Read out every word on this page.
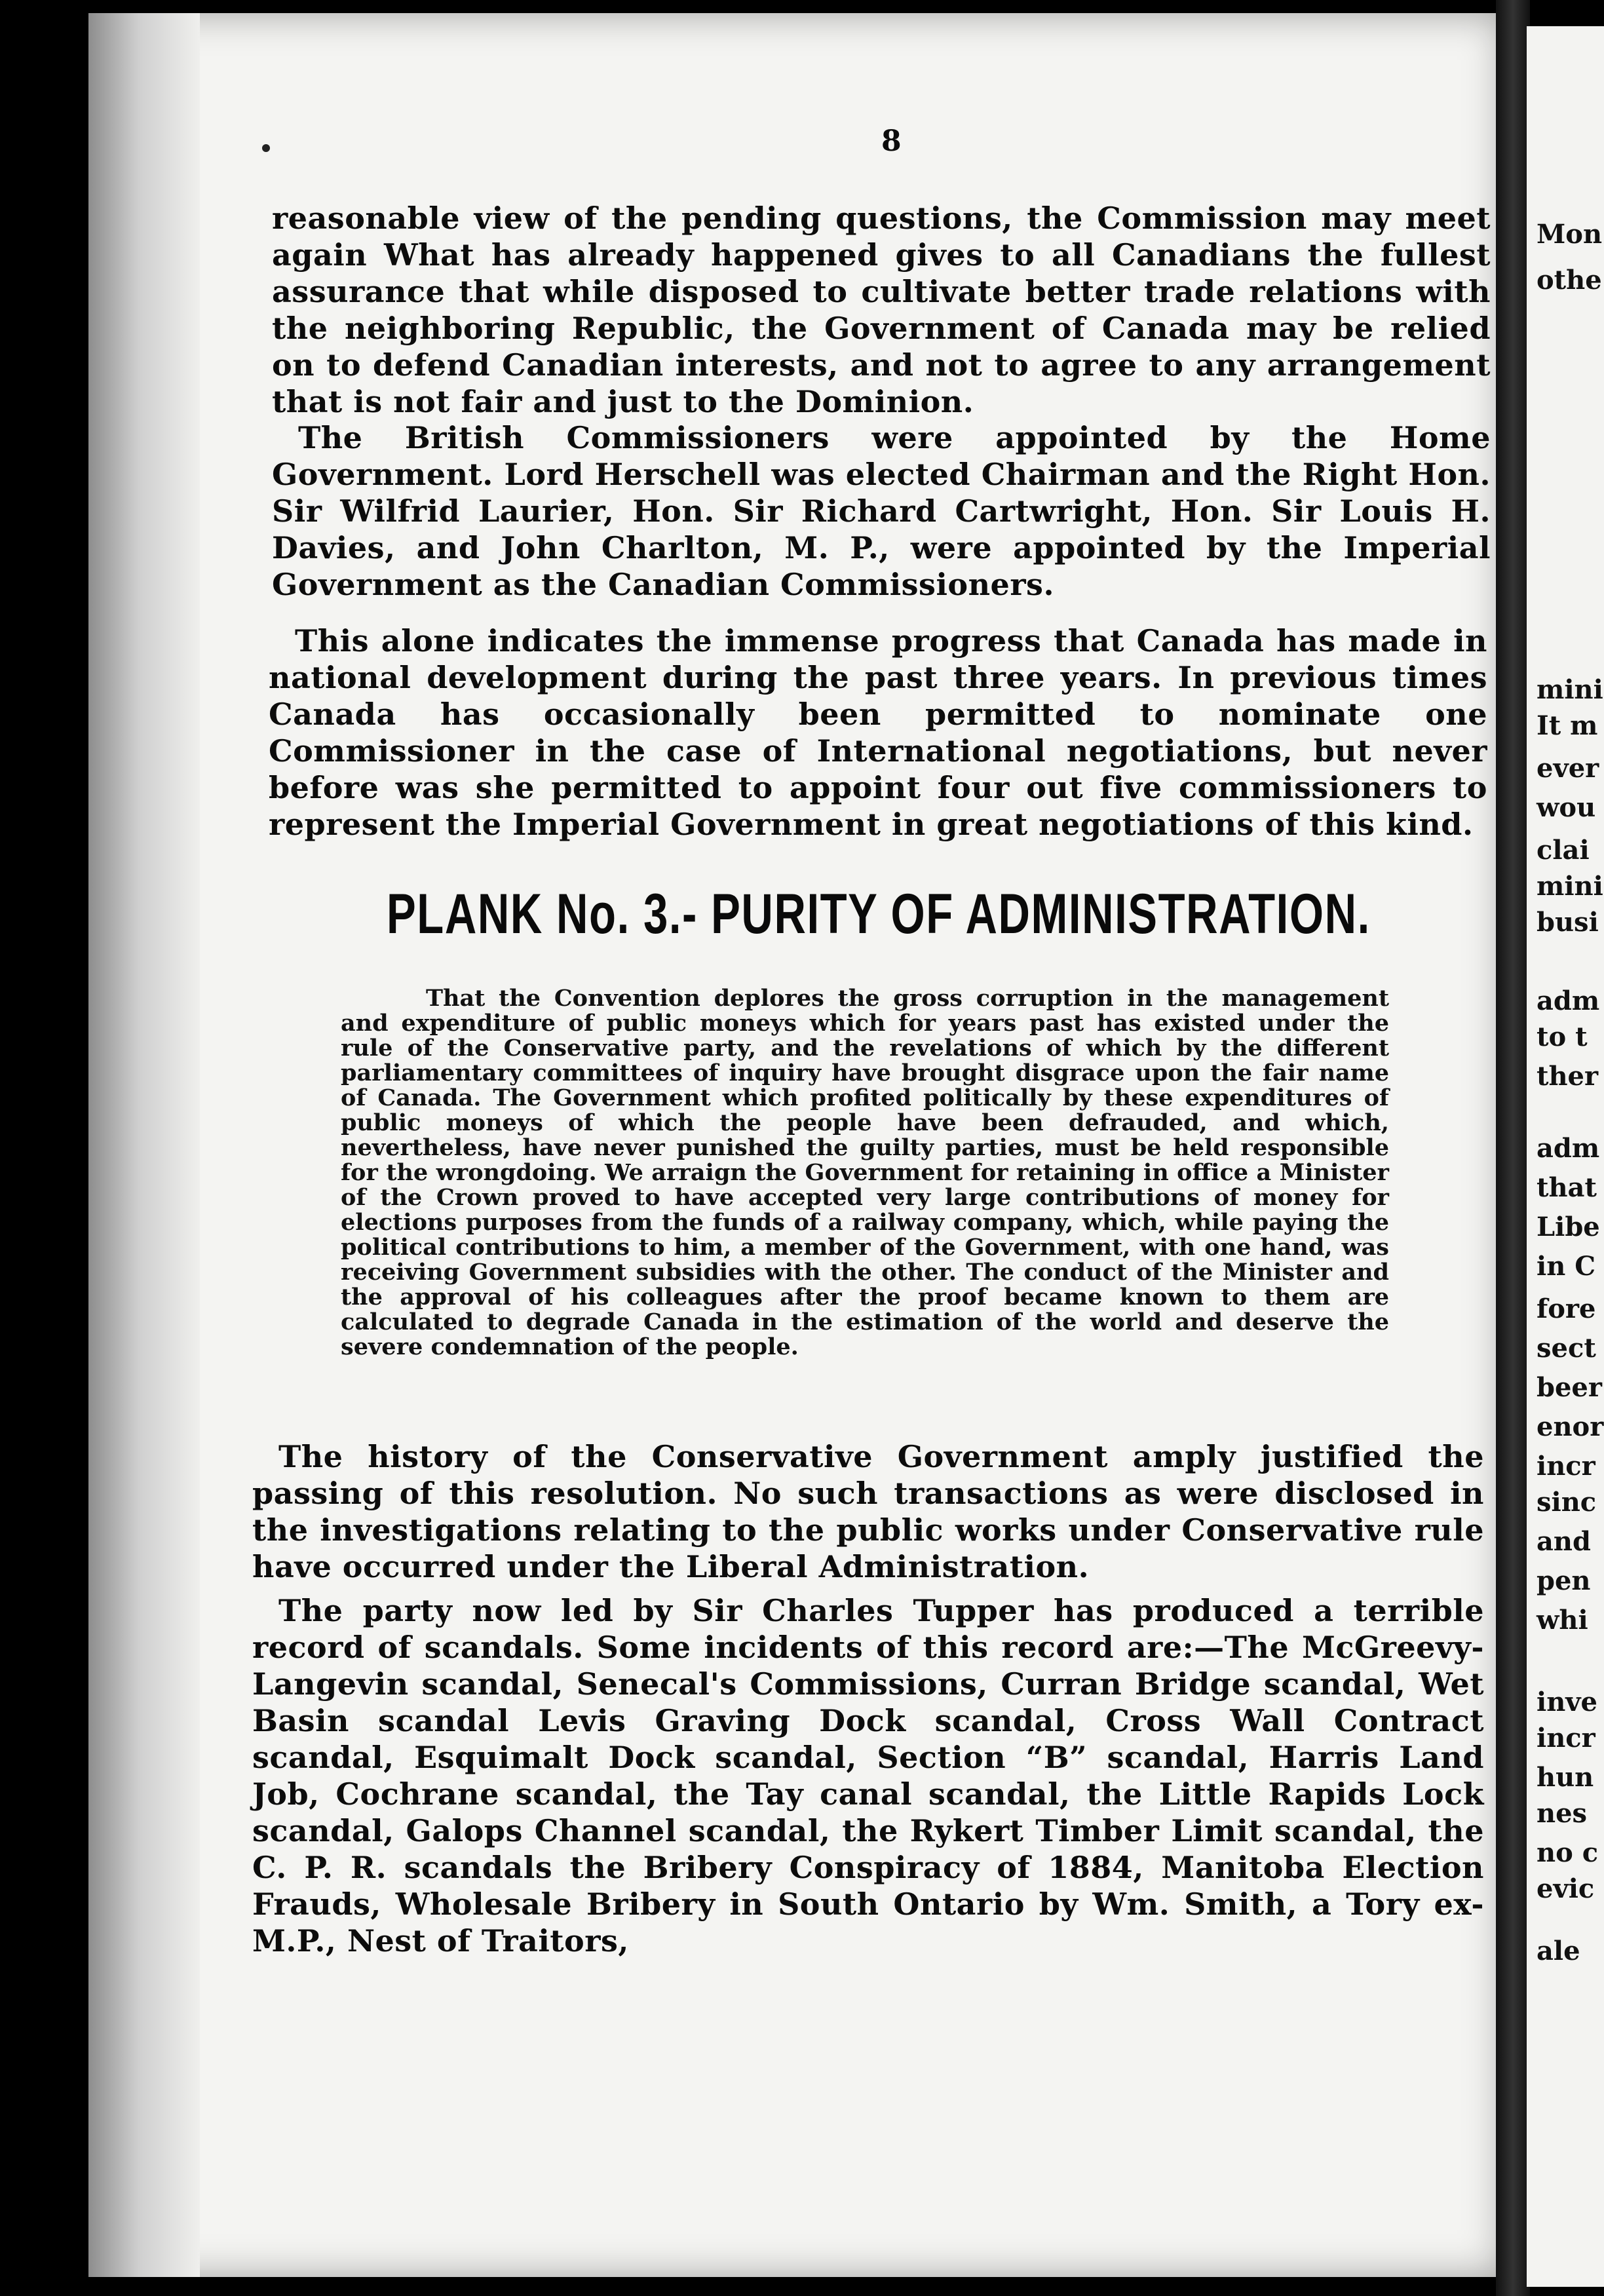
8

reasonable view of the pending questions, the Commission may meet again What has already happened gives to all Canadians the fullest assurance that while disposed to cultivate better trade relations with the neighboring Republic, the Government of Canada may be relied on to defend Canadian interests, and not to agree to any arrangement that is not fair and just to the Dominion.

The British Commissioners were appointed by the Home Government. Lord Herschell was elected Chairman and the Right Hon. Sir Wilfrid Laurier, Hon. Sir Richard Cartwright, Hon. Sir Louis H. Davies, and John Charlton, M. P., were appointed by the Imperial Government as the Canadian Commissioners.

This alone indicates the immense progress that Canada has made in national development during the past three years. In previous times Canada has occasionally been permitted to nominate one Commissioner in the case of International negotiations, but never before was she permitted to appoint four out five commissioners to represent the Imperial Government in great negotiations of this kind.

PLANK No. 3.- PURITY OF ADMINISTRATION.

That the Convention deplores the gross corruption in the management and expenditure of public moneys which for years past has existed under the rule of the Conservative party, and the revelations of which by the different parliamentary committees of inquiry have brought disgrace upon the fair name of Canada. The Government which profited politically by these expenditures of public moneys of which the people have been defrauded, and which, nevertheless, have never punished the guilty parties, must be held responsible for the wrongdoing. We arraign the Government for retaining in office a Minister of the Crown proved to have accepted very large contributions of money for elections purposes from the funds of a railway company, which, while paying the political contributions to him, a member of the Government, with one hand, was receiving Government subsidies with the other. The conduct of the Minister and the approval of his colleagues after the proof became known to them are calculated to degrade Canada in the estimation of the world and deserve the severe condemnation of the people.

The history of the Conservative Government amply justified the passing of this resolution. No such transactions as were disclosed in the investigations relating to the public works under Conservative rule have occurred under the Liberal Administration.

The party now led by Sir Charles Tupper has produced a terrible record of scandals. Some incidents of this record are:—The McGreevy-Langevin scandal, Senecal's Commissions, Curran Bridge scandal, Wet Basin scandal Levis Graving Dock scandal, Cross Wall Contract scandal, Esquimalt Dock scandal, Section “B” scandal, Harris Land Job, Cochrane scandal, the Tay canal scandal, the Little Rapids Lock scandal, Galops Channel scandal, the Rykert Timber Limit scandal, the C. P. R. scandals the Bribery Conspiracy of 1884, Manitoba Election Frauds, Wholesale Bribery in South Ontario by Wm. Smith, a Tory ex-M.P., Nest of Traitors,

Mon

othe

mini

It m

ever

wou

clai

mini

busi

adm

to t

ther

adm

that

Libe

in C

fore

sect

beer

enor

incr

sinc

and

pen

whi

inve

incr

hun

nes

no c

evic

ale
